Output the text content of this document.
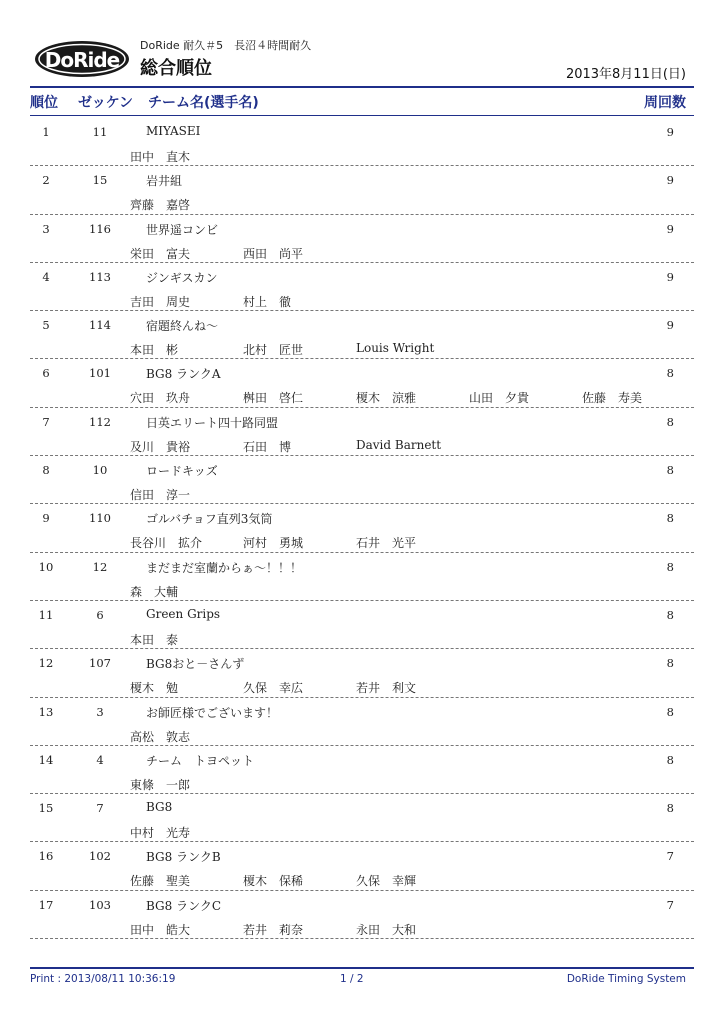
DoRide
DoRide 耐久＃5　長沼４時間耐久
総合順位	2013年8月11日(日)
順位 ゼッケン チーム名(選手名)	周回数
1	11	MIYASEI	9
田中　直木
2	15	岩井組	9
齊藤　嘉啓
3	116	世界遥コンビ	9
栄田　富夫	西田　尚平
4	113	ジンギスカン	9
吉田　周史	村上　徹
5	114	宿題終んね～	9
本田　彬	北村　匠世	Louis Wright
6	101	BG8 ランクA	8
穴田　玖舟	桝田　啓仁	榎木　涼雅	山田　夕貴	佐藤　寿美
7	112	日英エリート四十路同盟	8
及川　貴裕	石田　博	David Barnett
8	10	ロードキッズ	8
信田　淳一
9	110	ゴルバチョフ直列3気筒	8
長谷川　拡介	河村　勇城	石井　光平
10	12	まだまだ室蘭からぁ～！！！	8
森　大輔
11	6	Green Grips	8
本田　泰
12	107	BG8おと－さんず	8
榎木　勉	久保　幸広	若井　利文
13	3	お師匠様でございます！	8
高松　敦志
14	4	チーム　トヨペット	8
東條　一郎
15	7	BG8	8
中村　光寿
16	102	BG8 ランクB	7
佐藤　聖美	榎木　保稀	久保　幸輝
17	103	BG8 ランクC	7
田中　皓大	若井　莉奈	永田　大和
Print : 2013/08/11 10:36:19	1 / 2	DoRide Timing System
